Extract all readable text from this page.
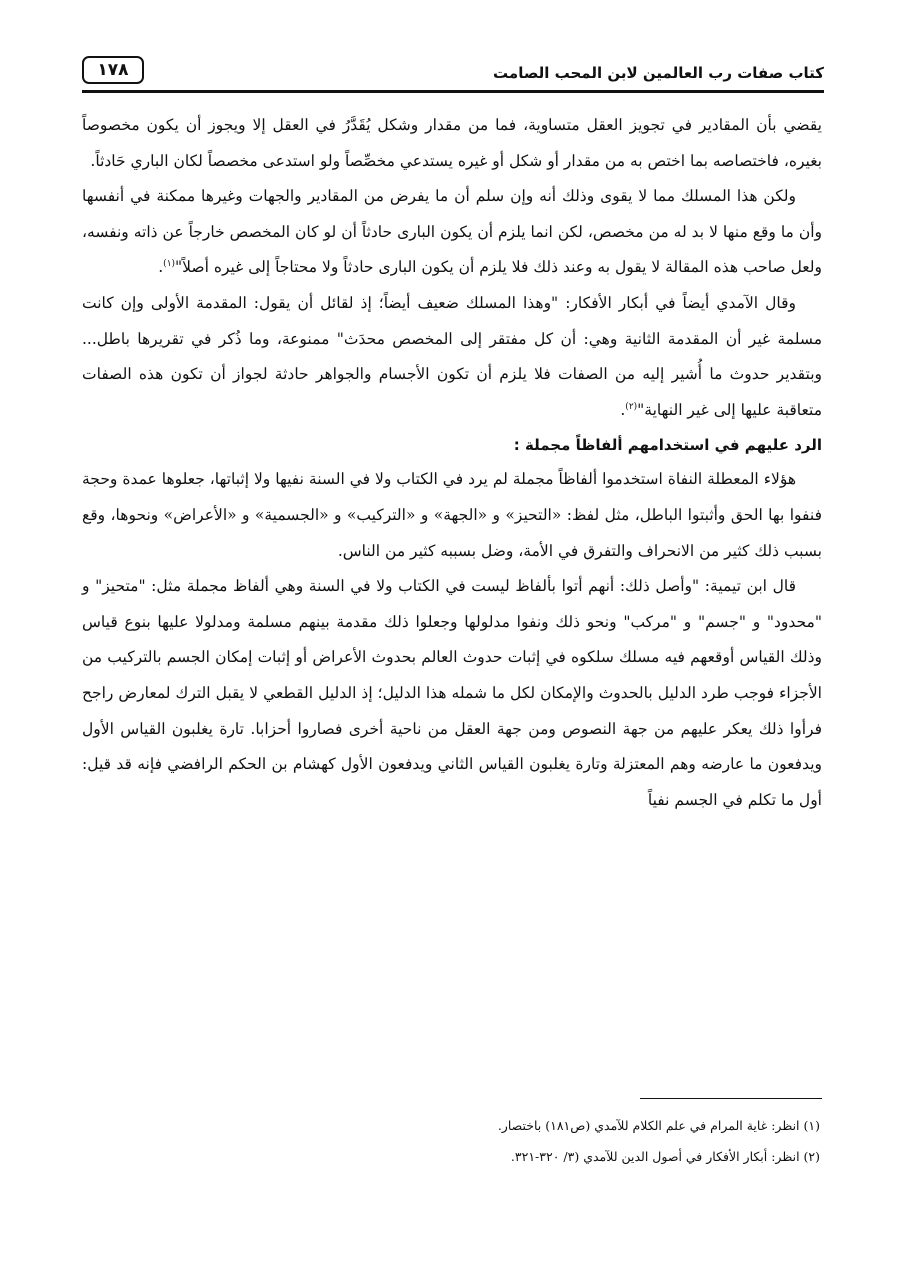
كتاب صفات رب العالمين لابن المحب الصامت
١٧٨

يقضي بأن المقادير في تجويز العقل متساوية، فما من مقدار وشكل يُقَدَّرُ في العقل إلا ويجوز أن يكون مخصوصاً بغيره، فاختصاصه بما اختص به من مقدار أو شكل أو غيره يستدعي مخصِّصاً ولو استدعى مخصصاً لكان الباري حَادثاً.

ولكن هذا المسلك مما لا يقوى وذلك أنه وإن سلم أن ما يفرض من المقادير والجهات وغيرها ممكنة في أنفسها وأن ما وقع منها لا بد له من مخصص، لكن انما يلزم أن يكون البارى حادثاً أن لو كان المخصص خارجاً عن ذاته ونفسه، ولعل صاحب هذه المقالة لا يقول به وعند ذلك فلا يلزم أن يكون البارى حادثاً ولا محتاجاً إلى غيره أصلاً"$^{(١)}$.

وقال الآمدي أيضاً في أبكار الأفكار: "وهذا المسلك ضعيف أيضاً؛ إذ لقائل أن يقول: المقدمة الأولى وإن كانت مسلمة غير أن المقدمة الثانية وهي: أن كل مفتقر إلى المخصص محدَث" ممنوعة، وما ذُكر في تقريرها باطل... وبتقدير حدوث ما أُشير إليه من الصفات فلا يلزم أن تكون الأجسام والجواهر حادثة لجواز أن تكون هذه الصفات متعاقبة عليها إلى غير النهاية"$^{(٢)}$.

الرد عليهم في استخدامهم ألفاظاً مجملة :

هؤلاء المعطلة النفاة استخدموا ألفاظاً مجملة لم يرد في الكتاب ولا في السنة نفيها ولا إثباتها، جعلوها عمدة وحجة فنفوا بها الحق وأثبتوا الباطل، مثل لفظ: «التحيز» و «الجهة» و «التركيب» و «الجسمية» و «الأعراض» ونحوها، وقع بسبب ذلك كثير من الانحراف والتفرق في الأمة، وضل بسببه كثير من الناس.

قال ابن تيمية: "وأصل ذلك: أنهم أتوا بألفاظ ليست في الكتاب ولا في السنة وهي ألفاظ مجملة مثل: "متحيز" و "محدود" و "جسم" و "مركب" ونحو ذلك ونفوا مدلولها وجعلوا ذلك مقدمة بينهم مسلمة ومدلولا عليها بنوع قياس وذلك القياس أوقعهم فيه مسلك سلكوه في إثبات حدوث العالم بحدوث الأعراض أو إثبات إمكان الجسم بالتركيب من الأجزاء فوجب طرد الدليل بالحدوث والإمكان لكل ما شمله هذا الدليل؛ إذ الدليل القطعي لا يقبل الترك لمعارض راجح فرأوا ذلك يعكر عليهم من جهة النصوص ومن جهة العقل من ناحية أخرى فصاروا أحزابا. تارة يغلبون القياس الأول ويدفعون ما عارضه وهم المعتزلة وتارة يغلبون القياس الثاني ويدفعون الأول كهشام بن الحكم الرافضي فإنه قد قيل: أول ما تكلم في الجسم نفياً

(١) انظر: غاية المرام في علم الكلام للآمدي (ص١٨١) باختصار.

(٢) انظر: أبكار الأفكار في أصول الدين للآمدي (٣/ ٣٢٠-٣٢١.
